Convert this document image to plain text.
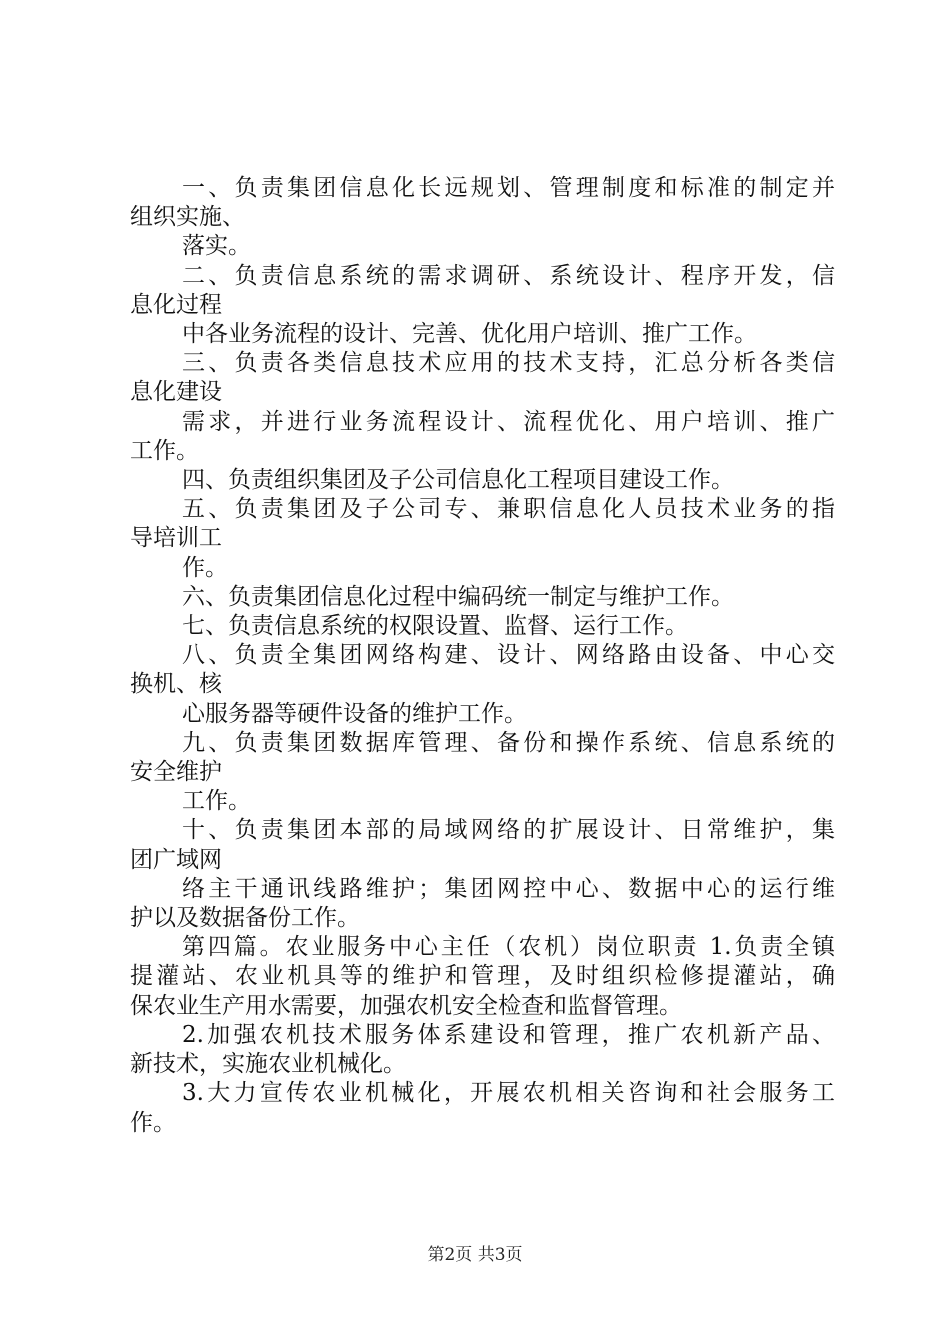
一、负责集团信息化长远规划、管理制度和标准的制定并
组织实施、
落实。
二、负责信息系统的需求调研、系统设计、程序开发，信
息化过程
中各业务流程的设计、完善、优化用户培训、推广工作。
三、负责各类信息技术应用的技术支持，汇总分析各类信
息化建设
需求，并进行业务流程设计、流程优化、用户培训、推广
工作。
四、负责组织集团及子公司信息化工程项目建设工作。
五、负责集团及子公司专、兼职信息化人员技术业务的指
导培训工
作。
六、负责集团信息化过程中编码统一制定与维护工作。
七、负责信息系统的权限设置、监督、运行工作。
八、负责全集团网络构建、设计、网络路由设备、中心交
换机、核
心服务器等硬件设备的维护工作。
九、负责集团数据库管理、备份和操作系统、信息系统的
安全维护
工作。
十、负责集团本部的局域网络的扩展设计、日常维护，集
团广域网
络主干通讯线路维护；集团网控中心、数据中心的运行维
护以及数据备份工作。
第四篇。农业服务中心主任（农机）岗位职责 1.负责全镇
提灌站、农业机具等的维护和管理，及时组织检修提灌站，确
保农业生产用水需要，加强农机安全检查和监督管理。
2.加强农机技术服务体系建设和管理，推广农机新产品、
新技术，实施农业机械化。
3.大力宣传农业机械化，开展农机相关咨询和社会服务工
作。
第2页 共3页
